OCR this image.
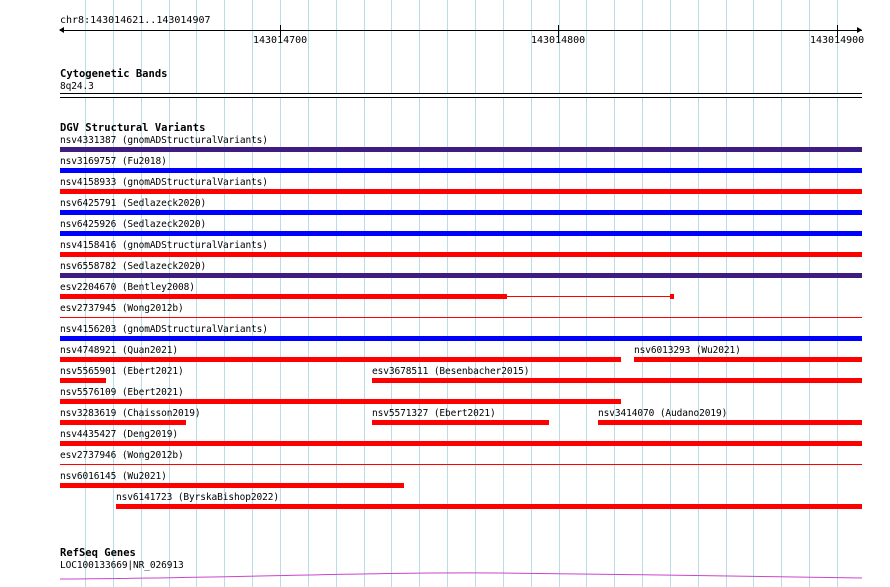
chr8:143014621..143014907
143014700	143014800	143014900
Cytogenetic Bands
8q24.3
DGV Structural Variants
nsv4331387 (gnomADStructuralVariants)
nsv3169757 (Fu2018)
nsv4158933 (gnomADStructuralVariants)
nsv6425791 (Sedlazeck2020)
nsv6425926 (Sedlazeck2020)
nsv4158416 (gnomADStructuralVariants)
nsv6558782 (Sedlazeck2020)
esv2204670 (Bentley2008)
esv2737945 (Wong2012b)
nsv4156203 (gnomADStructuralVariants)
nsv4748921 (Quan2021)	nsv6013293 (Wu2021)
nsv5565901 (Ebert2021)	esv3678511 (Besenbacher2015)
nsv5576109 (Ebert2021)
nsv3283619 (Chaisson2019)	nsv5571327 (Ebert2021)	nsv3414070 (Audano2019)
nsv4435427 (Deng2019)
esv2737946 (Wong2012b)
nsv6016145 (Wu2021)
nsv6141723 (ByrskaBishop2022)
RefSeq Genes
LOC100133669|NR_026913
